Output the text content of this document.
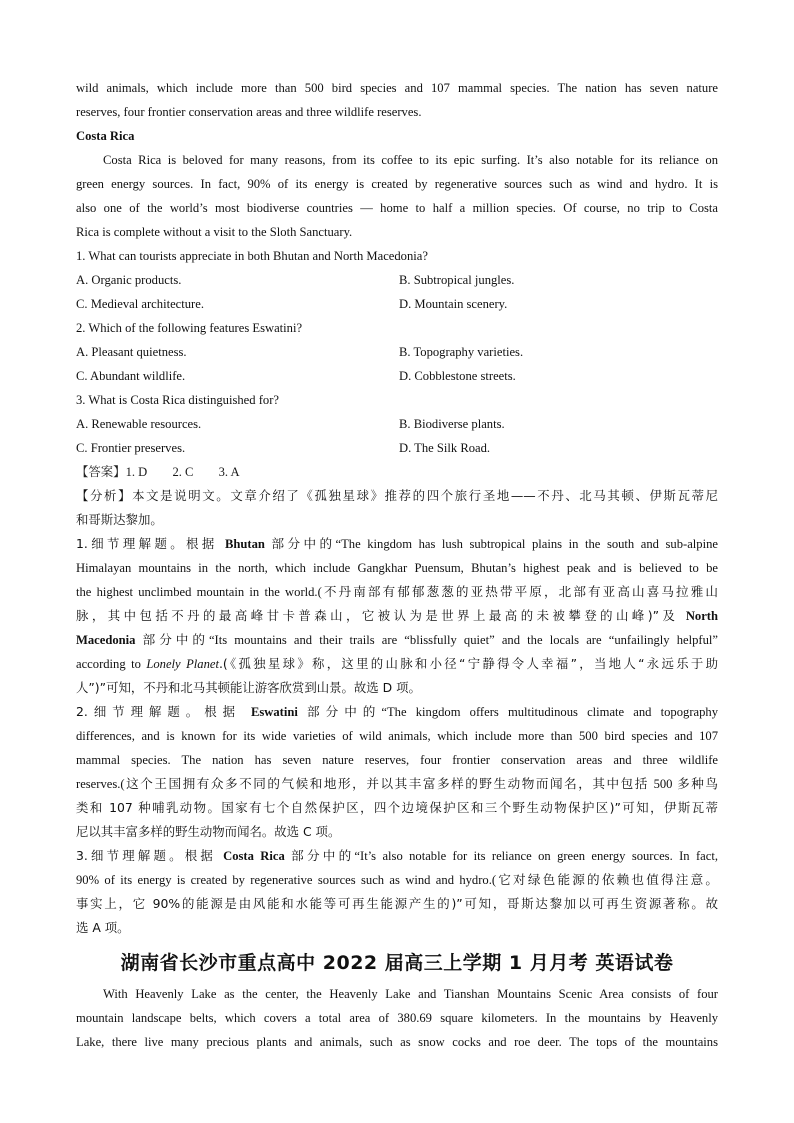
wild animals, which include more than 500 bird species and 107 mammal species. The nation has seven nature
reserves, four frontier conservation areas and three wildlife reserves.
Costa Rica
Costa Rica is beloved for many reasons, from its coffee to its epic surfing. It’s also notable for its reliance on
green energy sources. In fact, 90% of its energy is created by regenerative sources such as wind and hydro. It is
also one of the world’s most biodiverse countries — home to half a million species. Of course, no trip to Costa
Rica is complete without a visit to the Sloth Sanctuary.
1. What can tourists appreciate in both Bhutan and North Macedonia?
A. Organic products.	B. Subtropical jungles.
C. Medieval architecture.	D. Mountain scenery.
2. Which of the following features Eswatini?
A. Pleasant quietness.	B. Topography varieties.
C. Abundant wildlife.	D. Cobblestone streets.
3. What is Costa Rica distinguished for?
A. Renewable resources.	B. Biodiverse plants.
C. Frontier preserves.	D. The Silk Road.
【答案】1. D        2. C        3. A
【分析】本文是说明文。文章介绍了《孤独星球》推荐的四个旅行圣地——不丹、北马其顿、伊斯瓦蒂尼
和哥斯达黎加。
1.细节理解题。根据 Bhutan 部分中的“The kingdom has lush subtropical plains in the south and sub-alpine
Himalayan mountains in the north, which include Gangkhar Puensum, Bhutan’s highest peak and is believed to be
the highest unclimbed mountain in the world.(不丹南部有郁郁葱葱的亚热带平原，北部有亚高山喜马拉雅山
脉，其中包括不丹的最高峰甘卡普森山，它被认为是世界上最高的未被攀登的山峰)”及 North
Macedonia 部分中的“Its mountains and their trails are “blissfully quiet” and the locals are “unfailingly helpful”
according to Lonely Planet.(《孤独星球》称，这里的山脉和小径“宁静得令人幸福”，当地人“永远乐于助
人”)”可知，不丹和北马其顿能让游客欣赏到山景。故选 D 项。
2.细节理解题。根据 Eswatini 部分中的“The kingdom offers multitudinous climate and topography
differences, and is known for its wide varieties of wild animals, which include more than 500 bird species and 107
mammal species. The nation has seven nature reserves, four frontier conservation areas and three wildlife
reserves.(这个王国拥有众多不同的气候和地形，并以其丰富多样的野生动物而闻名，其中包括 500 多种鸟
类和 107 种哺乳动物。国家有七个自然保护区，四个边境保护区和三个野生动物保护区)”可知，伊斯瓦蒂
尼以其丰富多样的野生动物而闻名。故选 C 项。
3.细节理解题。根据 Costa Rica 部分中的“It’s also notable for its reliance on green energy sources. In fact,
90% of its energy is created by regenerative sources such as wind and hydro.(它对绿色能源的依赖也值得注意。
事实上，它 90%的能源是由风能和水能等可再生能源产生的)”可知，哥斯达黎加以可再生资源著称。故
选 A 项。
湖南省长沙市重点高中 2022 届高三上学期 1 月月考 英语试卷
With Heavenly Lake as the center, the Heavenly Lake and Tianshan Mountains Scenic Area consists of four
mountain landscape belts, which covers a total area of 380.69 square kilometers. In the mountains by Heavenly
Lake, there live many precious plants and animals, such as snow cocks and roe deer. The tops of the mountains
